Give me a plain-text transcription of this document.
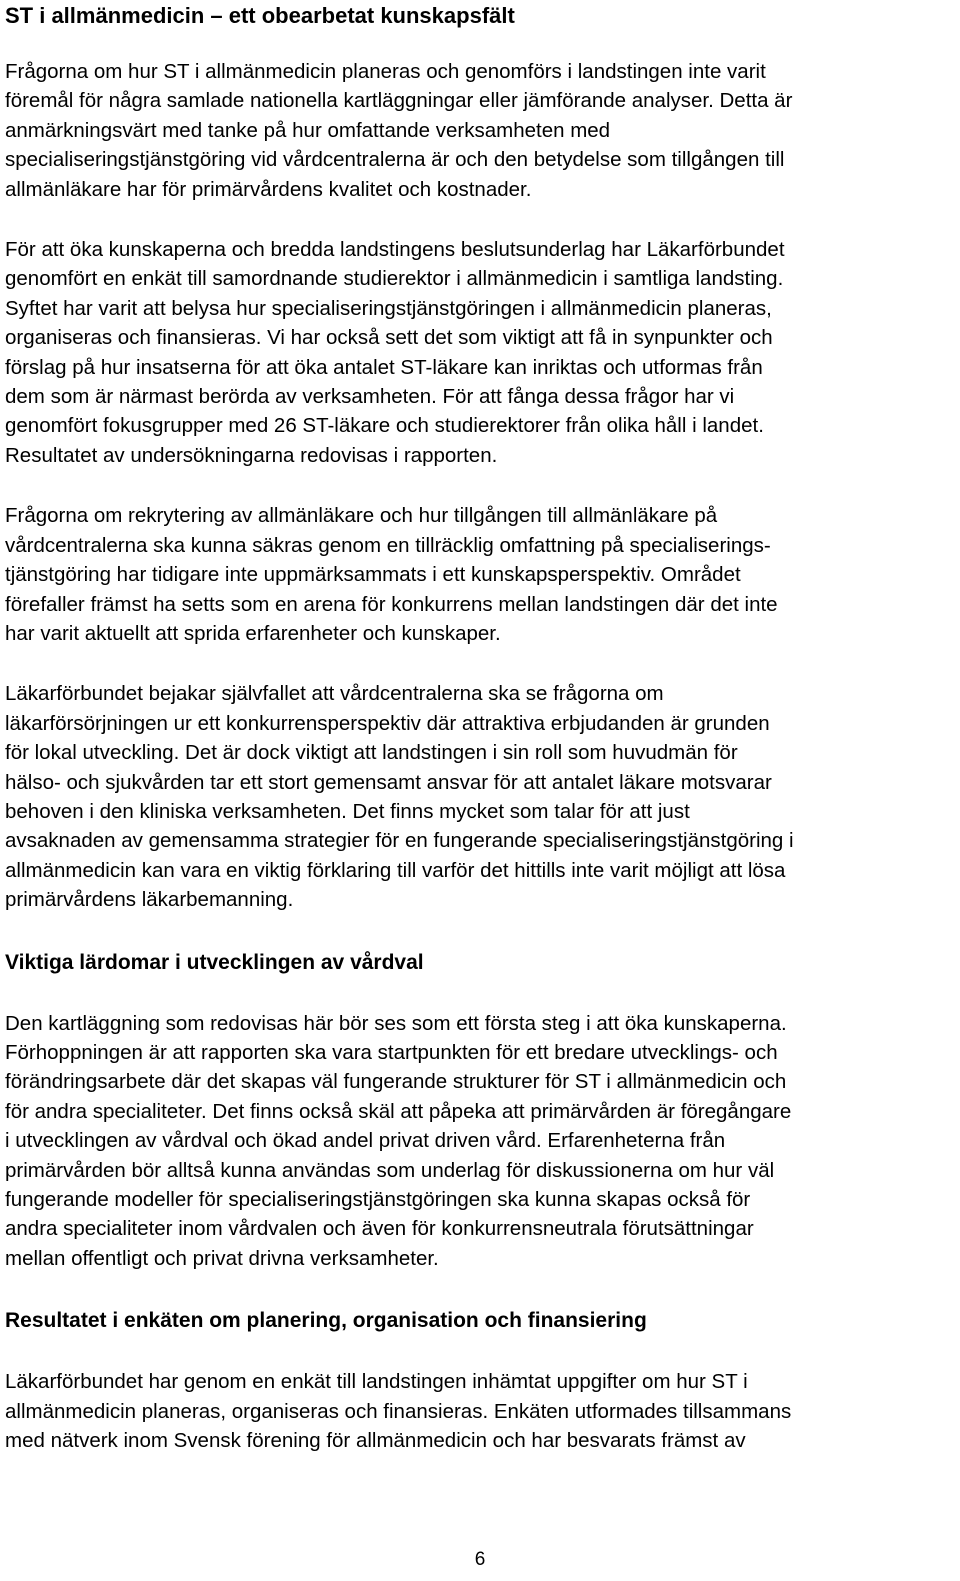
ST i allmänmedicin – ett obearbetat kunskapsfält
Frågorna om hur ST i allmänmedicin planeras och genomförs i landstingen inte varit
föremål för några samlade nationella kartläggningar eller jämförande analyser. Detta är
anmärkningsvärt med tanke på hur omfattande verksamheten med
specialiseringstjänstgöring vid vårdcentralerna är och den betydelse som tillgången till
allmänläkare har för primärvårdens kvalitet och kostnader.
För att öka kunskaperna och bredda landstingens beslutsunderlag har Läkarförbundet
genomfört en enkät till samordnande studierektor i allmänmedicin i samtliga landsting.
Syftet har varit att belysa hur specialiseringstjänstgöringen i allmänmedicin planeras,
organiseras och finansieras. Vi har också sett det som viktigt att få in synpunkter och
förslag på hur insatserna för att öka antalet ST-läkare kan inriktas och utformas från
dem som är närmast berörda av verksamheten. För att fånga dessa frågor har vi
genomfört fokusgrupper med 26 ST-läkare och studierektorer från olika håll i landet.
Resultatet av undersökningarna redovisas i rapporten.
Frågorna om rekrytering av allmänläkare och hur tillgången till allmänläkare på
vårdcentralerna ska kunna säkras genom en tillräcklig omfattning på specialiserings-
tjänstgöring har tidigare inte uppmärksammats i ett kunskapsperspektiv. Området
förefaller främst ha setts som en arena för konkurrens mellan landstingen där det inte
har varit aktuellt att sprida erfarenheter och kunskaper.
Läkarförbundet bejakar självfallet att vårdcentralerna ska se frågorna om
läkarförsörjningen ur ett konkurrensperspektiv där attraktiva erbjudanden är grunden
för lokal utveckling. Det är dock viktigt att landstingen i sin roll som huvudmän för
hälso- och sjukvården tar ett stort gemensamt ansvar för att antalet läkare motsvarar
behoven i den kliniska verksamheten. Det finns mycket som talar för att just
avsaknaden av gemensamma strategier för en fungerande specialiseringstjänstgöring i
allmänmedicin kan vara en viktig förklaring till varför det hittills inte varit möjligt att lösa
primärvårdens läkarbemanning.
Viktiga lärdomar i utvecklingen av vårdval
Den kartläggning som redovisas här bör ses som ett första steg i att öka kunskaperna.
Förhoppningen är att rapporten ska vara startpunkten för ett bredare utvecklings- och
förändringsarbete där det skapas väl fungerande strukturer för ST i allmänmedicin och
för andra specialiteter. Det finns också skäl att påpeka att primärvården är föregångare
i utvecklingen av vårdval och ökad andel privat driven vård. Erfarenheterna från
primärvården bör alltså kunna användas som underlag för diskussionerna om hur väl
fungerande modeller för specialiseringstjänstgöringen ska kunna skapas också för
andra specialiteter inom vårdvalen och även för konkurrensneutrala förutsättningar
mellan offentligt och privat drivna verksamheter.
Resultatet i enkäten om planering, organisation och finansiering
Läkarförbundet har genom en enkät till landstingen inhämtat uppgifter om hur ST i
allmänmedicin planeras, organiseras och finansieras. Enkäten utformades tillsammans
med nätverk inom Svensk förening för allmänmedicin och har besvarats främst av
6
